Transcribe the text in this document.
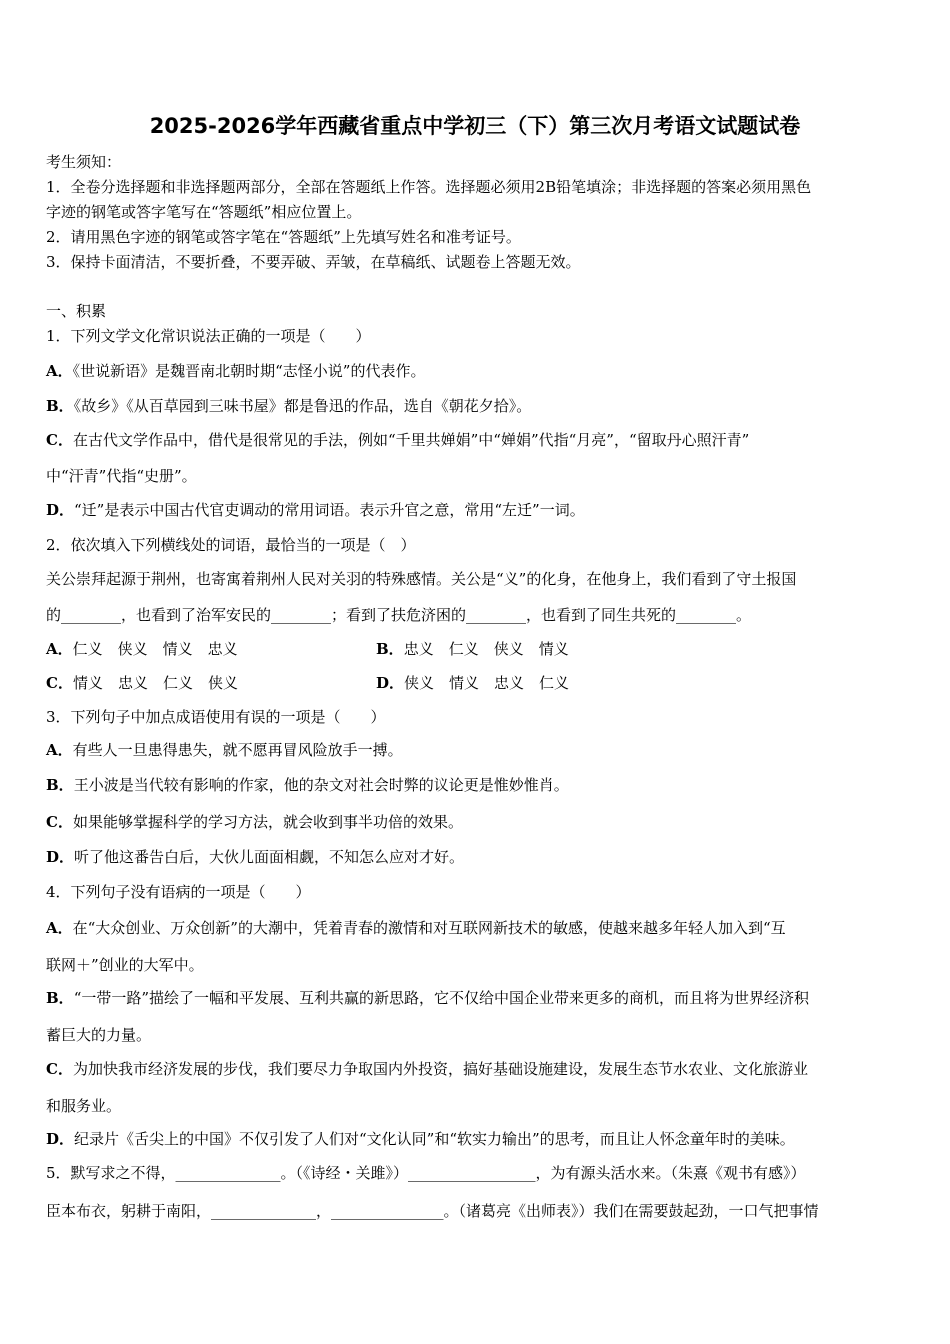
2025-2026学年西藏省重点中学初三（下）第三次月考语文试题试卷
考生须知：
1．全卷分选择题和非选择题两部分，全部在答题纸上作答。选择题必须用2B铅笔填涂；非选择题的答案必须用黑色
字迹的钢笔或答字笔写在“答题纸”相应位置上。
2．请用黑色字迹的钢笔或答字笔在“答题纸”上先填写姓名和准考证号。
3．保持卡面清洁，不要折叠，不要弄破、弄皱，在草稿纸、试题卷上答题无效。
一、积累
1．下列文学文化常识说法正确的一项是（　　）
A．《世说新语》是魏晋南北朝时期“志怪小说”的代表作。
B．《故乡》《从百草园到三味书屋》都是鲁迅的作品，选自《朝花夕拾》。
C．在古代文学作品中，借代是很常见的手法，例如“千里共婵娟”中“婵娟”代指“月亮”，“留取丹心照汗青”
中“汗青”代指“史册”。
D．“迁”是表示中国古代官吏调动的常用词语。表示升官之意，常用“左迁”一词。
2．依次填入下列横线处的词语，最恰当的一项是（　）
关公崇拜起源于荆州，也寄寓着荆州人民对关羽的特殊感情。关公是“义”的化身，在他身上，我们看到了守土报国
的________，也看到了治军安民的________；看到了扶危济困的________，也看到了同生共死的________。
A．仁义　侠义　情义　忠义	B．忠义　仁义　侠义　情义
C．情义　忠义　仁义　侠义	D．侠义　情义　忠义　仁义
3．下列句子中加点成语使用有误的一项是（　　）
A．有些人一旦患得患失，就不愿再冒风险放手一搏。
B．王小波是当代较有影响的作家，他的杂文对社会时弊的议论更是惟妙惟肖。
C．如果能够掌握科学的学习方法，就会收到事半功倍的效果。
D．听了他这番告白后，大伙儿面面相觑，不知怎么应对才好。
4．下列句子没有语病的一项是（　　）
A．在“大众创业、万众创新”的大潮中，凭着青春的激情和对互联网新技术的敏感，使越来越多年轻人加入到“互
联网＋”创业的大军中。
B．“一带一路”描绘了一幅和平发展、互利共赢的新思路，它不仅给中国企业带来更多的商机，而且将为世界经济积
蓄巨大的力量。
C．为加快我市经济发展的步伐，我们要尽力争取国内外投资，搞好基础设施建设，发展生态节水农业、文化旅游业
和服务业。
D．纪录片《舌尖上的中国》不仅引发了人们对“文化认同”和“软实力输出”的思考，而且让人怀念童年时的美味。
5．默写求之不得，______________。（《诗经・关雎》）_________________，为有源头活水来。（朱熹《观书有感》）
臣本布衣，躬耕于南阳，______________，_______________。（诸葛亮《出师表》）我们在需要鼓起劲，一口气把事情
